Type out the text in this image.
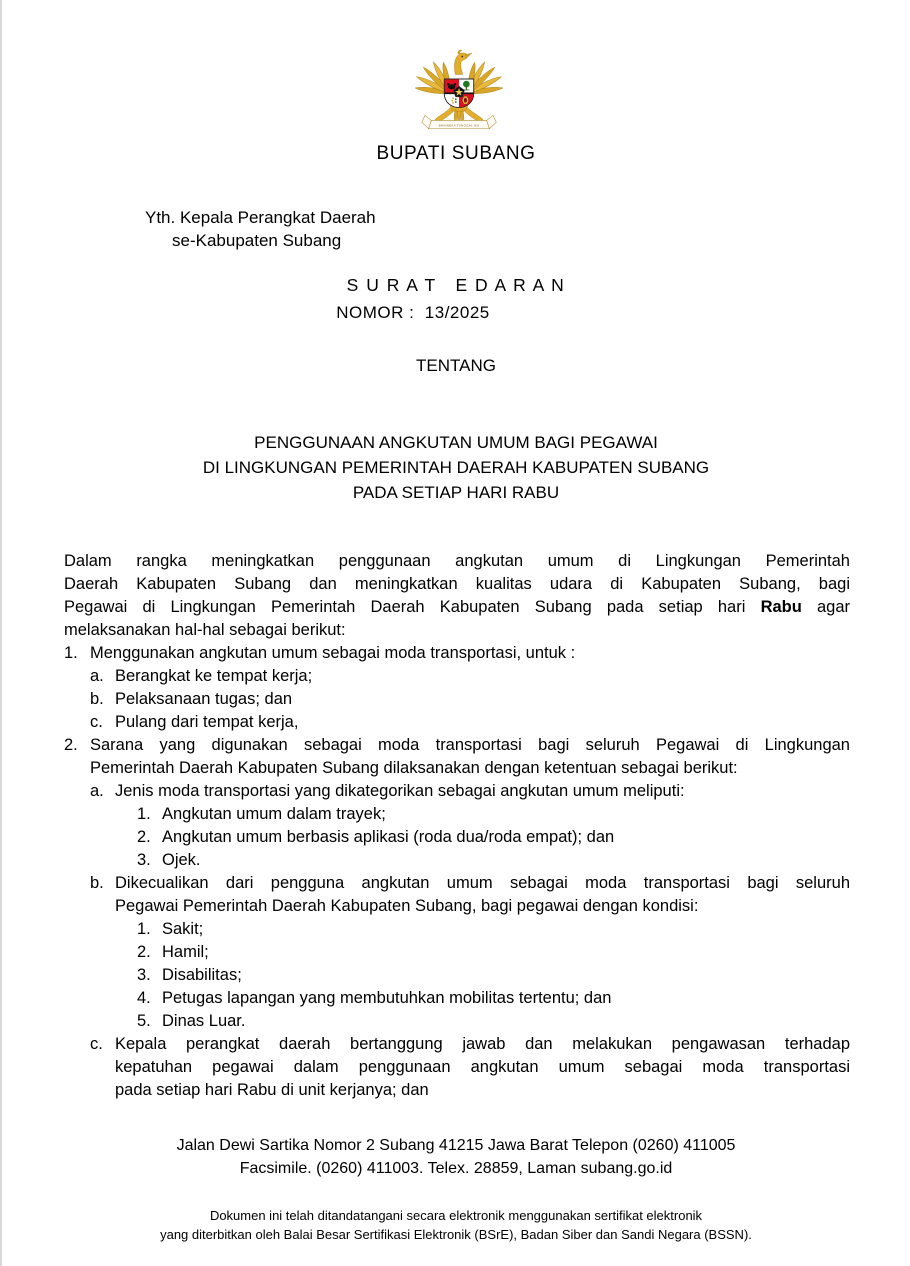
BHINNEKA TUNGGAL IKA
BUPATI SUBANG
Yth. Kepala Perangkat Daerah
se-Kabupaten Subang
S U R A T   E D A R A N
NOMOR :  13/2025
TENTANG
PENGGUNAAN ANGKUTAN UMUM BAGI PEGAWAI
DI LINGKUNGAN PEMERINTAH DAERAH KABUPATEN SUBANG
PADA SETIAP HARI RABU
Dalam rangka meningkatkan penggunaan angkutan umum di Lingkungan Pemerintah
Daerah Kabupaten Subang dan meningkatkan kualitas udara di Kabupaten Subang, bagi
Pegawai di Lingkungan Pemerintah Daerah Kabupaten Subang pada setiap hari Rabu agar
melaksanakan hal-hal sebagai berikut:
1. Menggunakan angkutan umum sebagai moda transportasi, untuk :
a. Berangkat ke tempat kerja;
b. Pelaksanaan tugas; dan
c. Pulang dari tempat kerja,
2. Sarana yang digunakan sebagai moda transportasi bagi seluruh Pegawai di Lingkungan
Pemerintah Daerah Kabupaten Subang dilaksanakan dengan ketentuan sebagai berikut:
a. Jenis moda transportasi yang dikategorikan sebagai angkutan umum meliputi:
1. Angkutan umum dalam trayek;
2. Angkutan umum berbasis aplikasi (roda dua/roda empat); dan
3. Ojek.
b. Dikecualikan dari pengguna angkutan umum sebagai moda transportasi bagi seluruh
Pegawai Pemerintah Daerah Kabupaten Subang, bagi pegawai dengan kondisi:
1. Sakit;
2. Hamil;
3. Disabilitas;
4. Petugas lapangan yang membutuhkan mobilitas tertentu; dan
5. Dinas Luar.
c. Kepala perangkat daerah bertanggung jawab dan melakukan pengawasan terhadap
kepatuhan pegawai dalam penggunaan angkutan umum sebagai moda transportasi
pada setiap hari Rabu di unit kerjanya; dan
Jalan Dewi Sartika Nomor 2 Subang 41215 Jawa Barat Telepon (0260) 411005
Facsimile. (0260) 411003. Telex. 28859, Laman subang.go.id
Dokumen ini telah ditandatangani secara elektronik menggunakan sertifikat elektronik
yang diterbitkan oleh Balai Besar Sertifikasi Elektronik (BSrE), Badan Siber dan Sandi Negara (BSSN).
